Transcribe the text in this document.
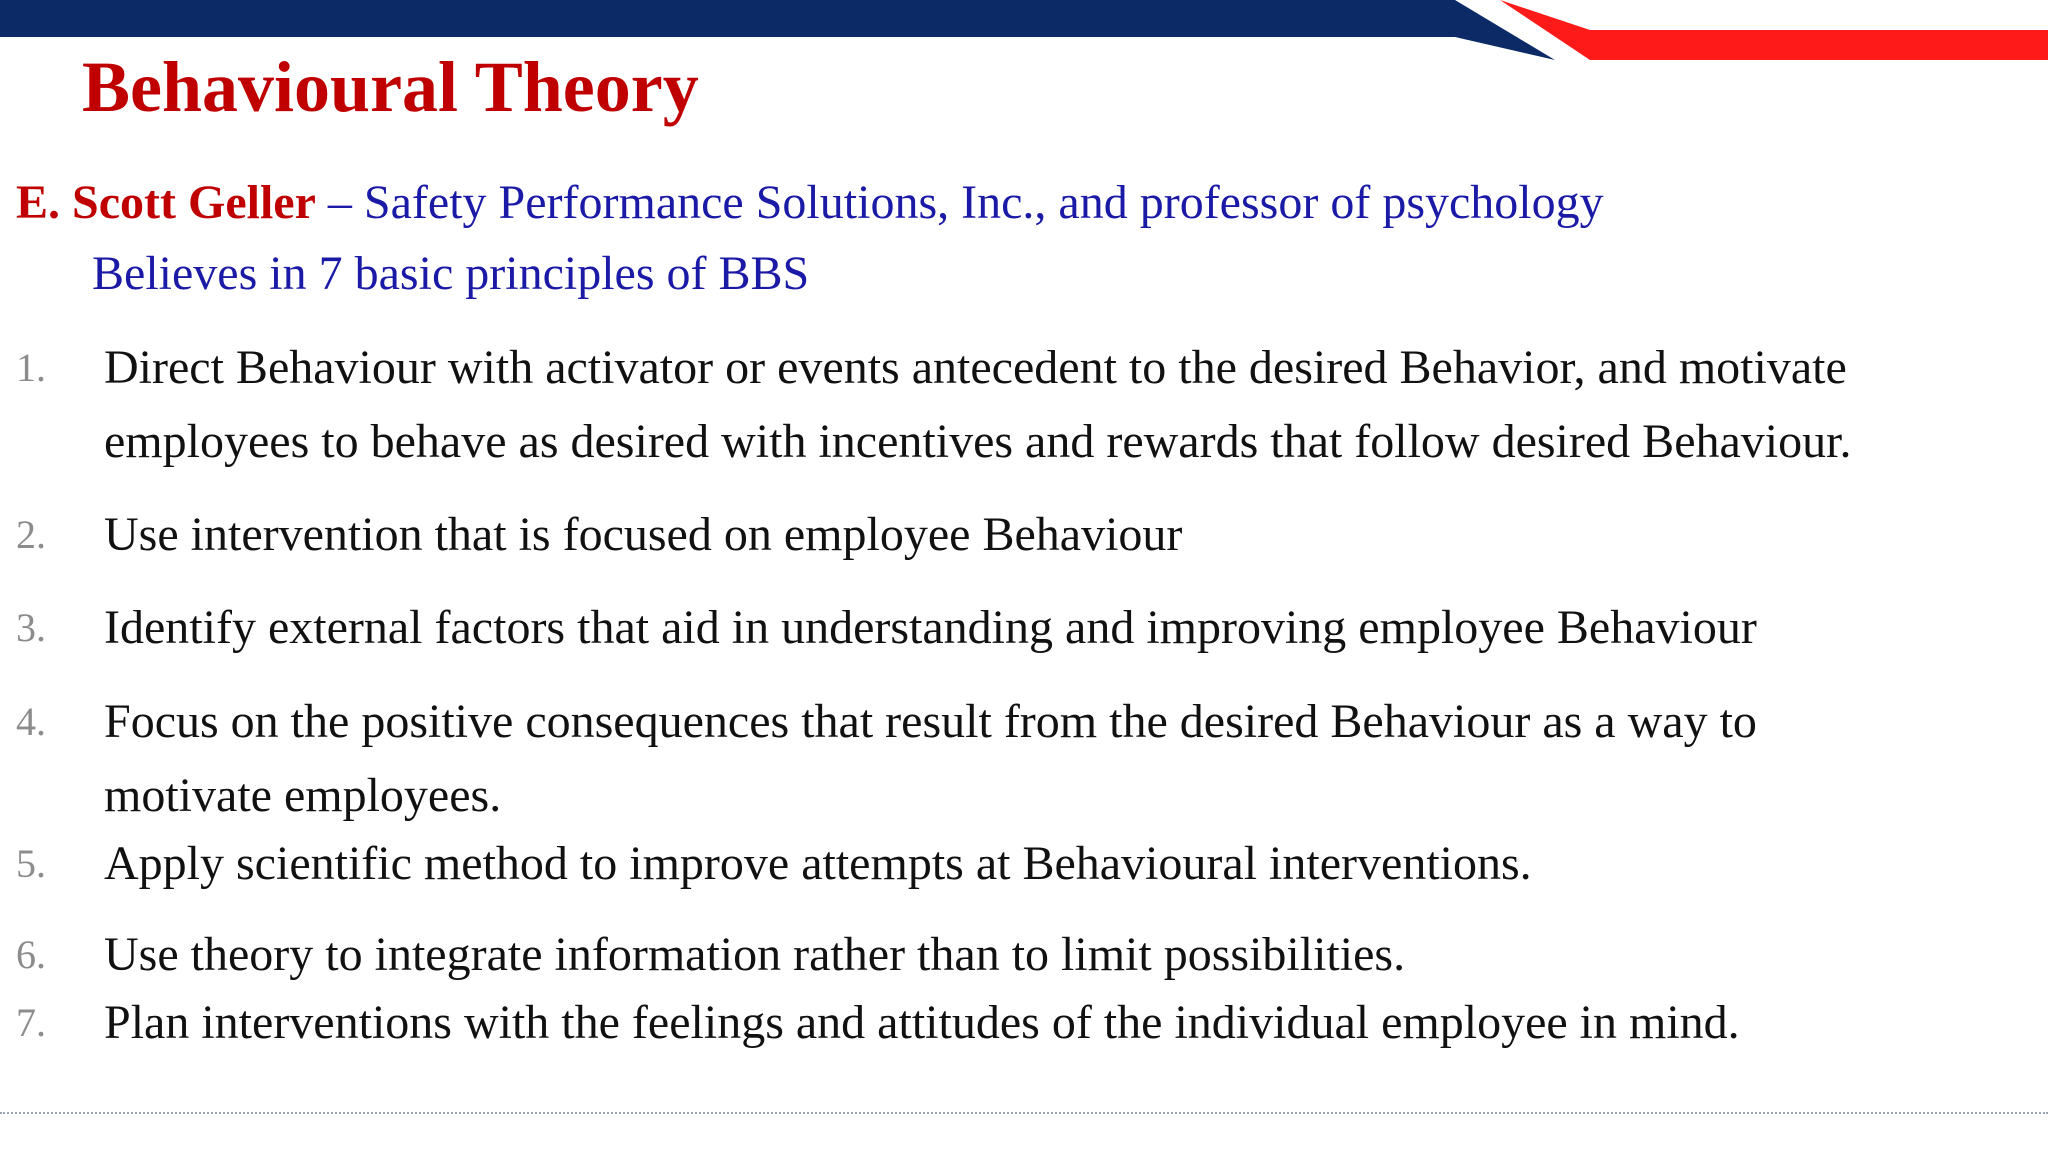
Behavioural Theory
E. Scott Geller – Safety Performance Solutions, Inc., and professor of psychology
Believes in 7 basic principles of BBS
1. Direct Behaviour with activator or events antecedent to the desired Behavior, and motivate
employees to behave as desired with incentives and rewards that follow desired Behaviour.
2. Use intervention that is focused on employee Behaviour
3. Identify external factors that aid in understanding and improving employee Behaviour
4. Focus on the positive consequences that result from the desired Behaviour as a way to
motivate employees.
5. Apply scientific method to improve attempts at Behavioural interventions.
6. Use theory to integrate information rather than to limit possibilities.
7. Plan interventions with the feelings and attitudes of the individual employee in mind.
